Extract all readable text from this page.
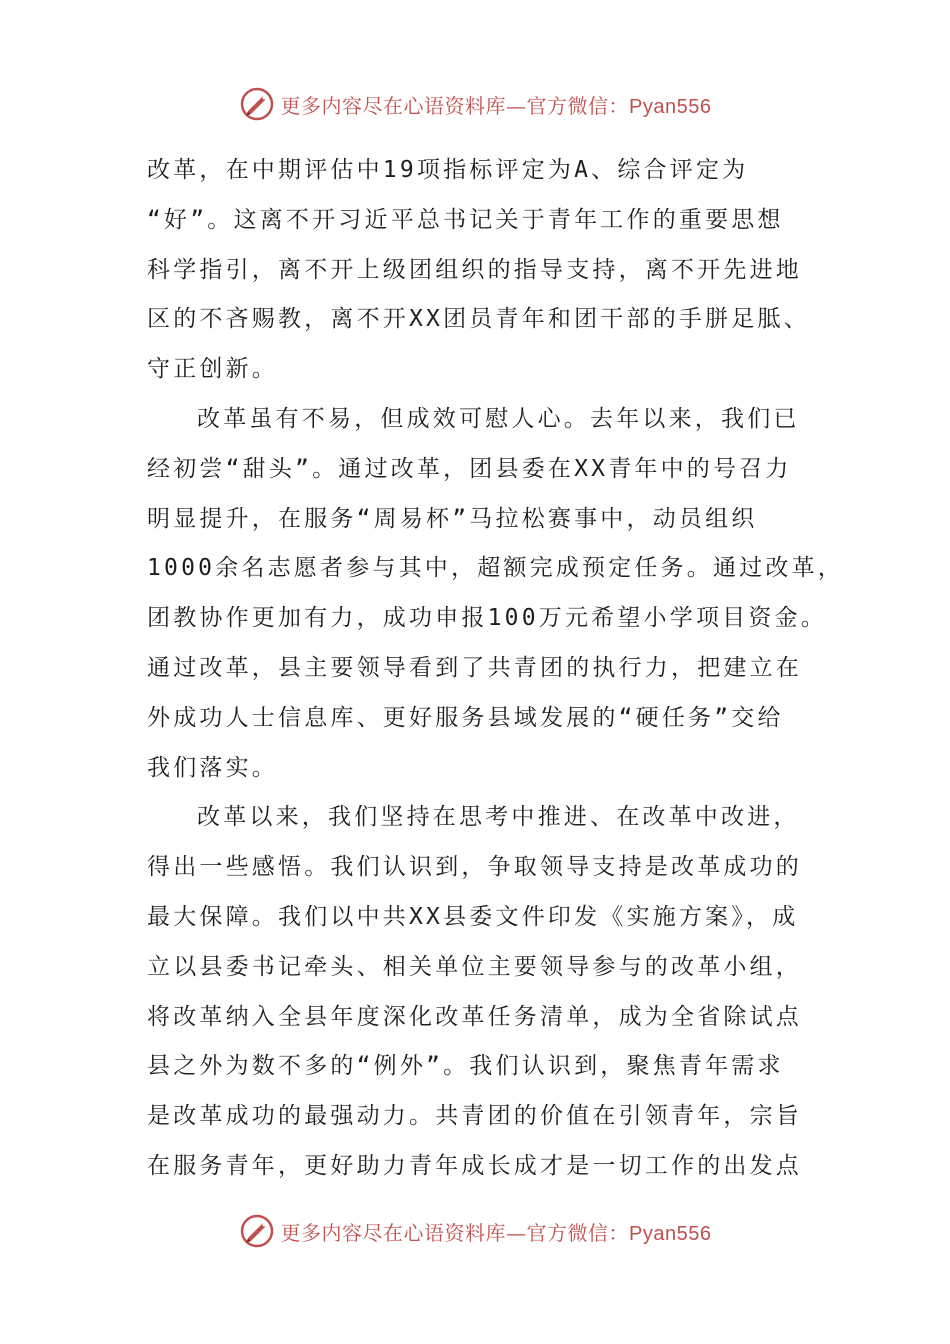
更多内容尽在心语资料库—官方微信：Pyan556
改革，在中期评估中19项指标评定为A、综合评定为
“好”。这离不开习近平总书记关于青年工作的重要思想
科学指引，离不开上级团组织的指导支持，离不开先进地
区的不吝赐教，离不开XX团员青年和团干部的手胼足胝、
守正创新。
改革虽有不易，但成效可慰人心。去年以来，我们已
经初尝“甜头”。通过改革，团县委在XX青年中的号召力
明显提升，在服务“周易杯”马拉松赛事中，动员组织
1000余名志愿者参与其中，超额完成预定任务。通过改革，
团教协作更加有力，成功申报100万元希望小学项目资金。
通过改革，县主要领导看到了共青团的执行力，把建立在
外成功人士信息库、更好服务县域发展的“硬任务”交给
我们落实。
改革以来，我们坚持在思考中推进、在改革中改进，
得出一些感悟。我们认识到，争取领导支持是改革成功的
最大保障。我们以中共XX县委文件印发《实施方案》，成
立以县委书记牵头、相关单位主要领导参与的改革小组，
将改革纳入全县年度深化改革任务清单，成为全省除试点
县之外为数不多的“例外”。我们认识到，聚焦青年需求
是改革成功的最强动力。共青团的价值在引领青年，宗旨
在服务青年，更好助力青年成长成才是一切工作的出发点
更多内容尽在心语资料库—官方微信：Pyan556
